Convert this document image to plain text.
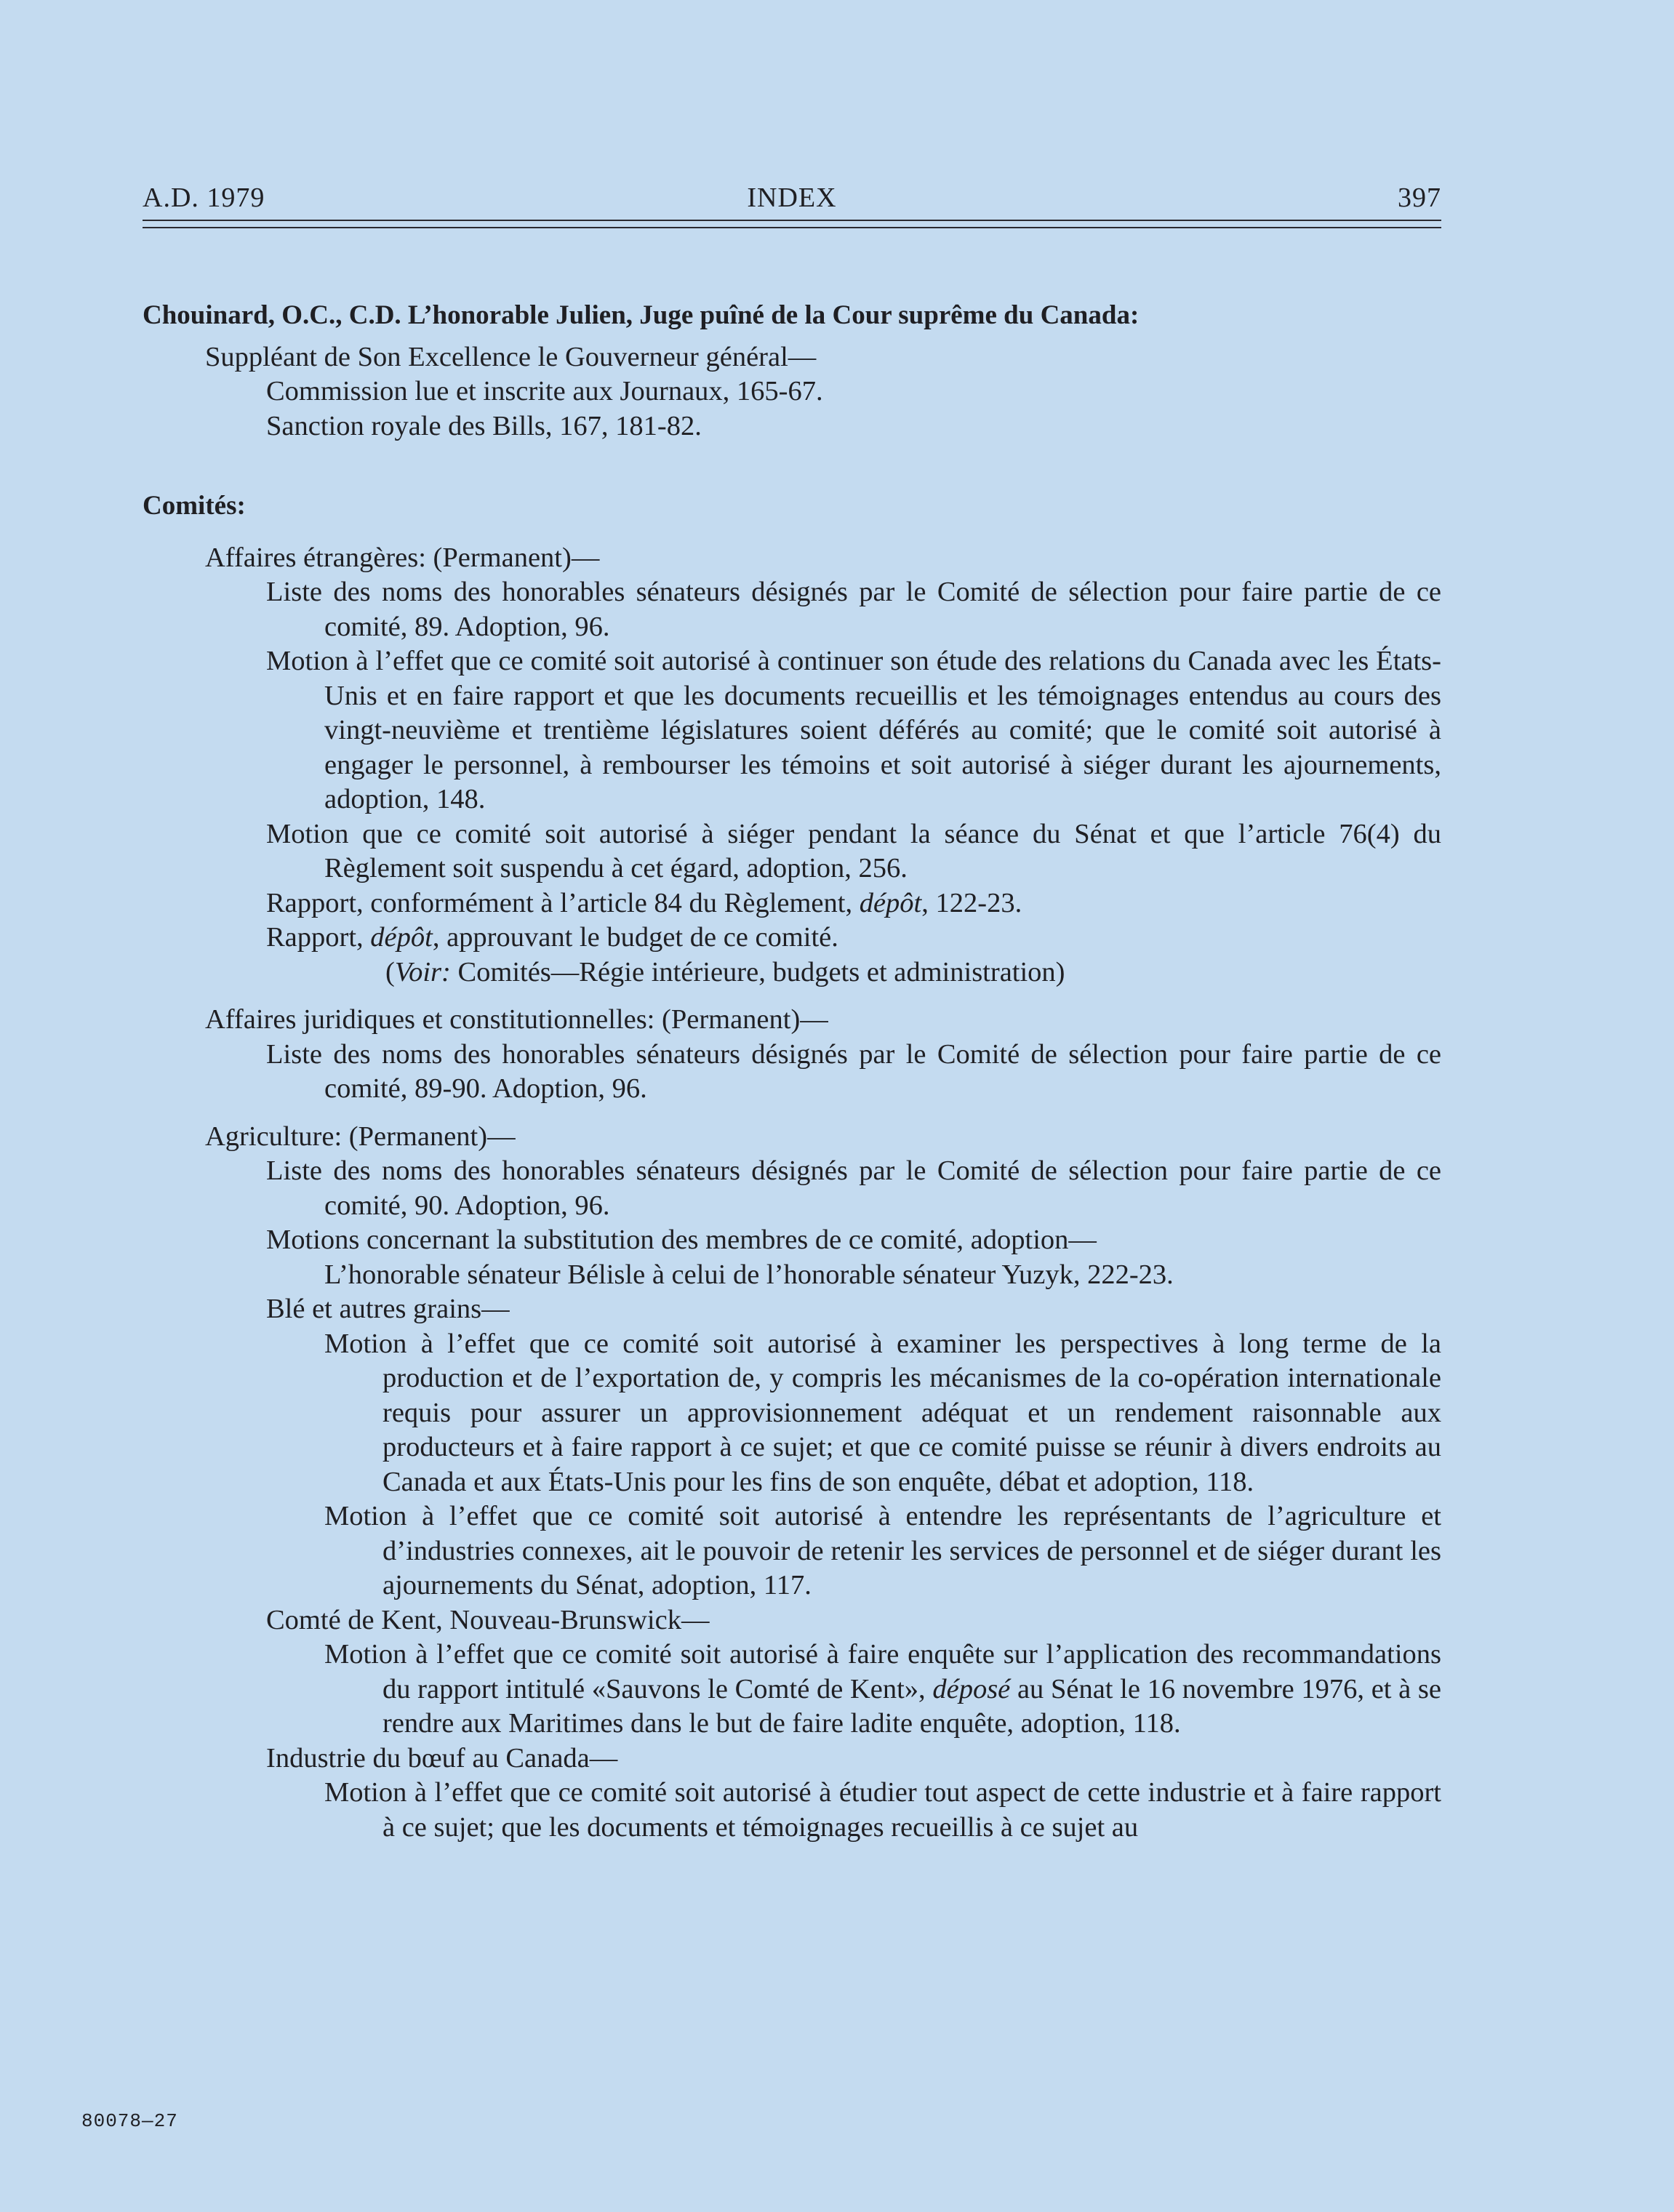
A.D. 1979	INDEX	397
Chouinard, O.C., C.D. L’honorable Julien, Juge puîné de la Cour suprême du Canada:
Suppléant de Son Excellence le Gouverneur général—
Commission lue et inscrite aux Journaux, 165-67.
Sanction royale des Bills, 167, 181-82.
Comités:
Affaires étrangères: (Permanent)—
Liste des noms des honorables sénateurs désignés par le Comité de sélection pour faire partie de ce comité, 89. Adoption, 96.
Motion à l’effet que ce comité soit autorisé à continuer son étude des relations du Canada avec les États-Unis et en faire rapport et que les documents recueillis et les témoignages entendus au cours des vingt-neuvième et trentième législatures soient déférés au comité; que le comité soit autorisé à engager le personnel, à rembourser les témoins et soit autorisé à siéger durant les ajournements, adoption, 148.
Motion que ce comité soit autorisé à siéger pendant la séance du Sénat et que l’article 76(4) du Règlement soit suspendu à cet égard, adoption, 256.
Rapport, conformément à l’article 84 du Règlement, dépôt, 122-23.
Rapport, dépôt, approuvant le budget de ce comité.
(Voir: Comités—Régie intérieure, budgets et administration)
Affaires juridiques et constitutionnelles: (Permanent)—
Liste des noms des honorables sénateurs désignés par le Comité de sélection pour faire partie de ce comité, 89-90. Adoption, 96.
Agriculture: (Permanent)—
Liste des noms des honorables sénateurs désignés par le Comité de sélection pour faire partie de ce comité, 90. Adoption, 96.
Motions concernant la substitution des membres de ce comité, adoption—
L’honorable sénateur Bélisle à celui de l’honorable sénateur Yuzyk, 222-23.
Blé et autres grains—
Motion à l’effet que ce comité soit autorisé à examiner les perspectives à long terme de la production et de l’exportation de, y compris les mécanismes de la co-opération internationale requis pour assurer un approvisionnement adéquat et un rendement raisonnable aux producteurs et à faire rapport à ce sujet; et que ce comité puisse se réunir à divers endroits au Canada et aux États-Unis pour les fins de son enquête, débat et adoption, 118.
Motion à l’effet que ce comité soit autorisé à entendre les représentants de l’agriculture et d’industries connexes, ait le pouvoir de retenir les services de personnel et de siéger durant les ajournements du Sénat, adoption, 117.
Comté de Kent, Nouveau-Brunswick—
Motion à l’effet que ce comité soit autorisé à faire enquête sur l’application des recommandations du rapport intitulé «Sauvons le Comté de Kent», déposé au Sénat le 16 novembre 1976, et à se rendre aux Maritimes dans le but de faire ladite enquête, adoption, 118.
Industrie du bœuf au Canada—
Motion à l’effet que ce comité soit autorisé à étudier tout aspect de cette industrie et à faire rapport à ce sujet; que les documents et témoignages recueillis à ce sujet au
80078—27
